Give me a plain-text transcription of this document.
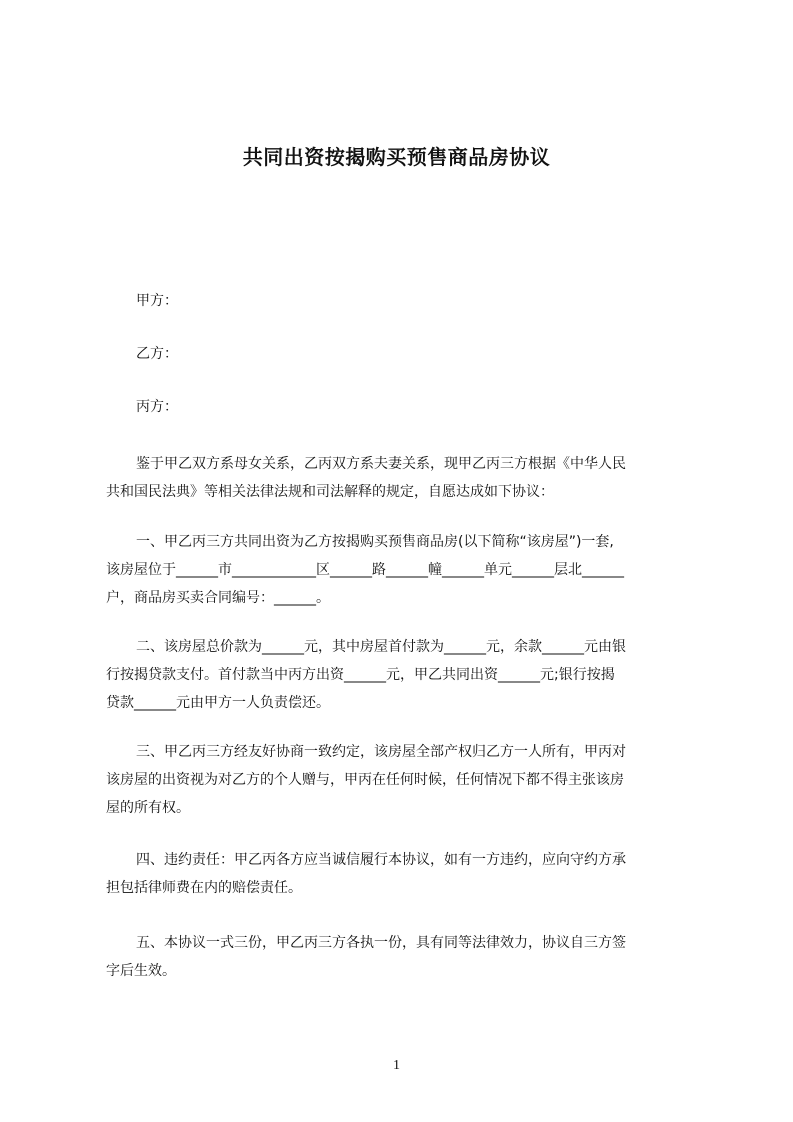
共同出资按揭购买预售商品房协议
甲方：
乙方：
丙方：
鉴于甲乙双方系母女关系，乙丙双方系夫妻关系，现甲乙丙三方根据《中华人民
共和国民法典》等相关法律法规和司法解释的规定，自愿达成如下协议：
一、甲乙丙三方共同出资为乙方按揭购买预售商品房(以下简称“该房屋”)一套,
该房屋位于______市____________区______路______幢______单元______层北______
户，商品房买卖合同编号：______。
二、该房屋总价款为______元，其中房屋首付款为______元，余款______元由银
行按揭贷款支付。首付款当中丙方出资______元，甲乙共同出资______元;银行按揭
贷款______元由甲方一人负责偿还。
三、甲乙丙三方经友好协商一致约定，该房屋全部产权归乙方一人所有，甲丙对
该房屋的出资视为对乙方的个人赠与，甲丙在任何时候，任何情况下都不得主张该房
屋的所有权。
四、违约责任：甲乙丙各方应当诚信履行本协议，如有一方违约，应向守约方承
担包括律师费在内的赔偿责任。
五、本协议一式三份，甲乙丙三方各执一份，具有同等法律效力，协议自三方签
字后生效。
1
